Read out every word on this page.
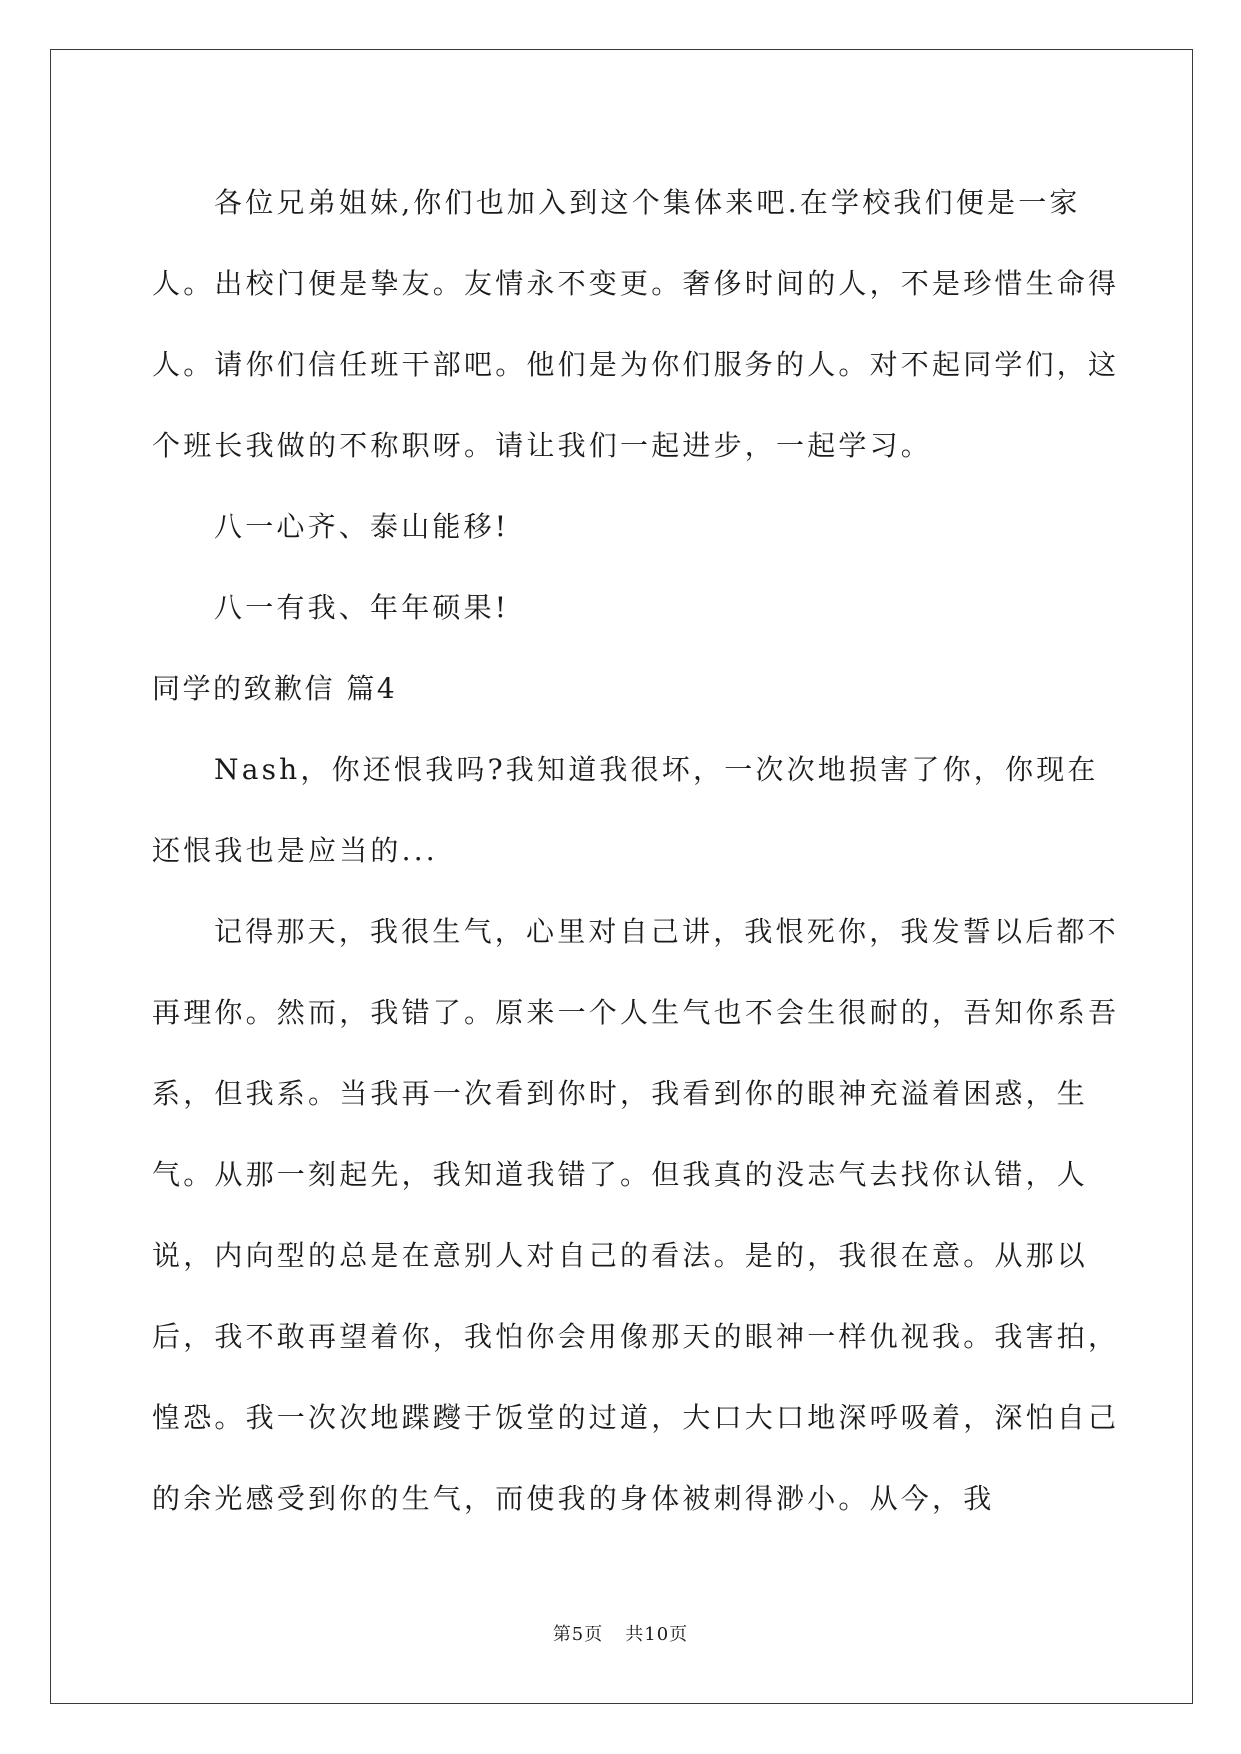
各位兄弟姐妹,你们也加入到这个集体来吧.在学校我们便是一家人。出校门便是挚友。友情永不变更。奢侈时间的人，不是珍惜生命得人。请你们信任班干部吧。他们是为你们服务的人。对不起同学们，这个班长我做的不称职呀。请让我们一起进步，一起学习。

八一心齐、泰山能移!

八一有我、年年硕果!

同学的致歉信 篇4

Nash，你还恨我吗?我知道我很坏，一次次地损害了你，你现在还恨我也是应当的...

记得那天，我很生气，心里对自己讲，我恨死你，我发誓以后都不再理你。然而，我错了。原来一个人生气也不会生很耐的，吾知你系吾系，但我系。当我再一次看到你时，我看到你的眼神充溢着困惑，生气。从那一刻起先，我知道我错了。但我真的没志气去找你认错，人说，内向型的总是在意别人对自己的看法。是的，我很在意。从那以后，我不敢再望着你，我怕你会用像那天的眼神一样仇视我。我害拍，惶恐。我一次次地蹀躞于饭堂的过道，大口大口地深呼吸着，深怕自己的余光感受到你的生气，而使我的身体被刺得渺小。从今，我

第5页 共10页
